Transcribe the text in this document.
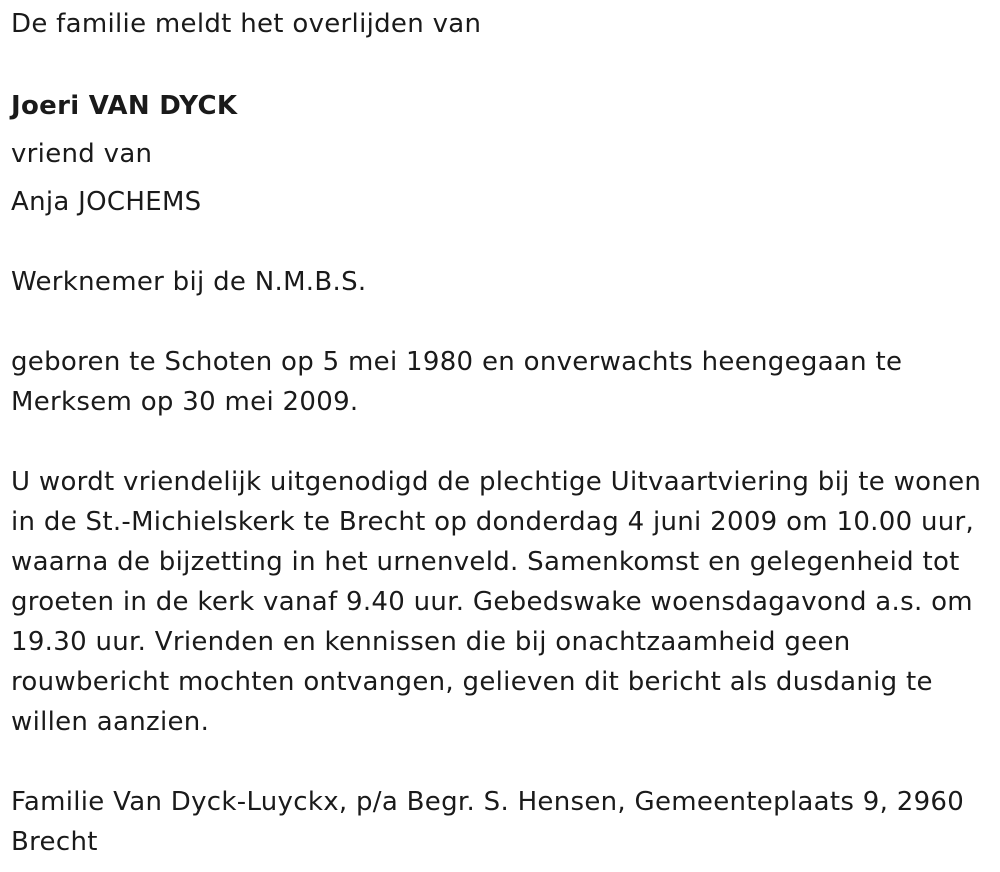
De familie meldt het overlijden van
Joeri VAN DYCK
vriend van
Anja JOCHEMS
Werknemer bij de N.M.B.S.
geboren te Schoten op 5 mei 1980 en onverwachts heengegaan te
Merksem op 30 mei 2009.
U wordt vriendelijk uitgenodigd de plechtige Uitvaartviering bij te wonen
in de St.-Michielskerk te Brecht op donderdag 4 juni 2009 om 10.00 uur,
waarna de bijzetting in het urnenveld. Samenkomst en gelegenheid tot
groeten in de kerk vanaf 9.40 uur. Gebedswake woensdagavond a.s. om
19.30 uur. Vrienden en kennissen die bij onachtzaamheid geen
rouwbericht mochten ontvangen, gelieven dit bericht als dusdanig te
willen aanzien.
Familie Van Dyck-Luyckx, p/a Begr. S. Hensen, Gemeenteplaats 9, 2960
Brecht
